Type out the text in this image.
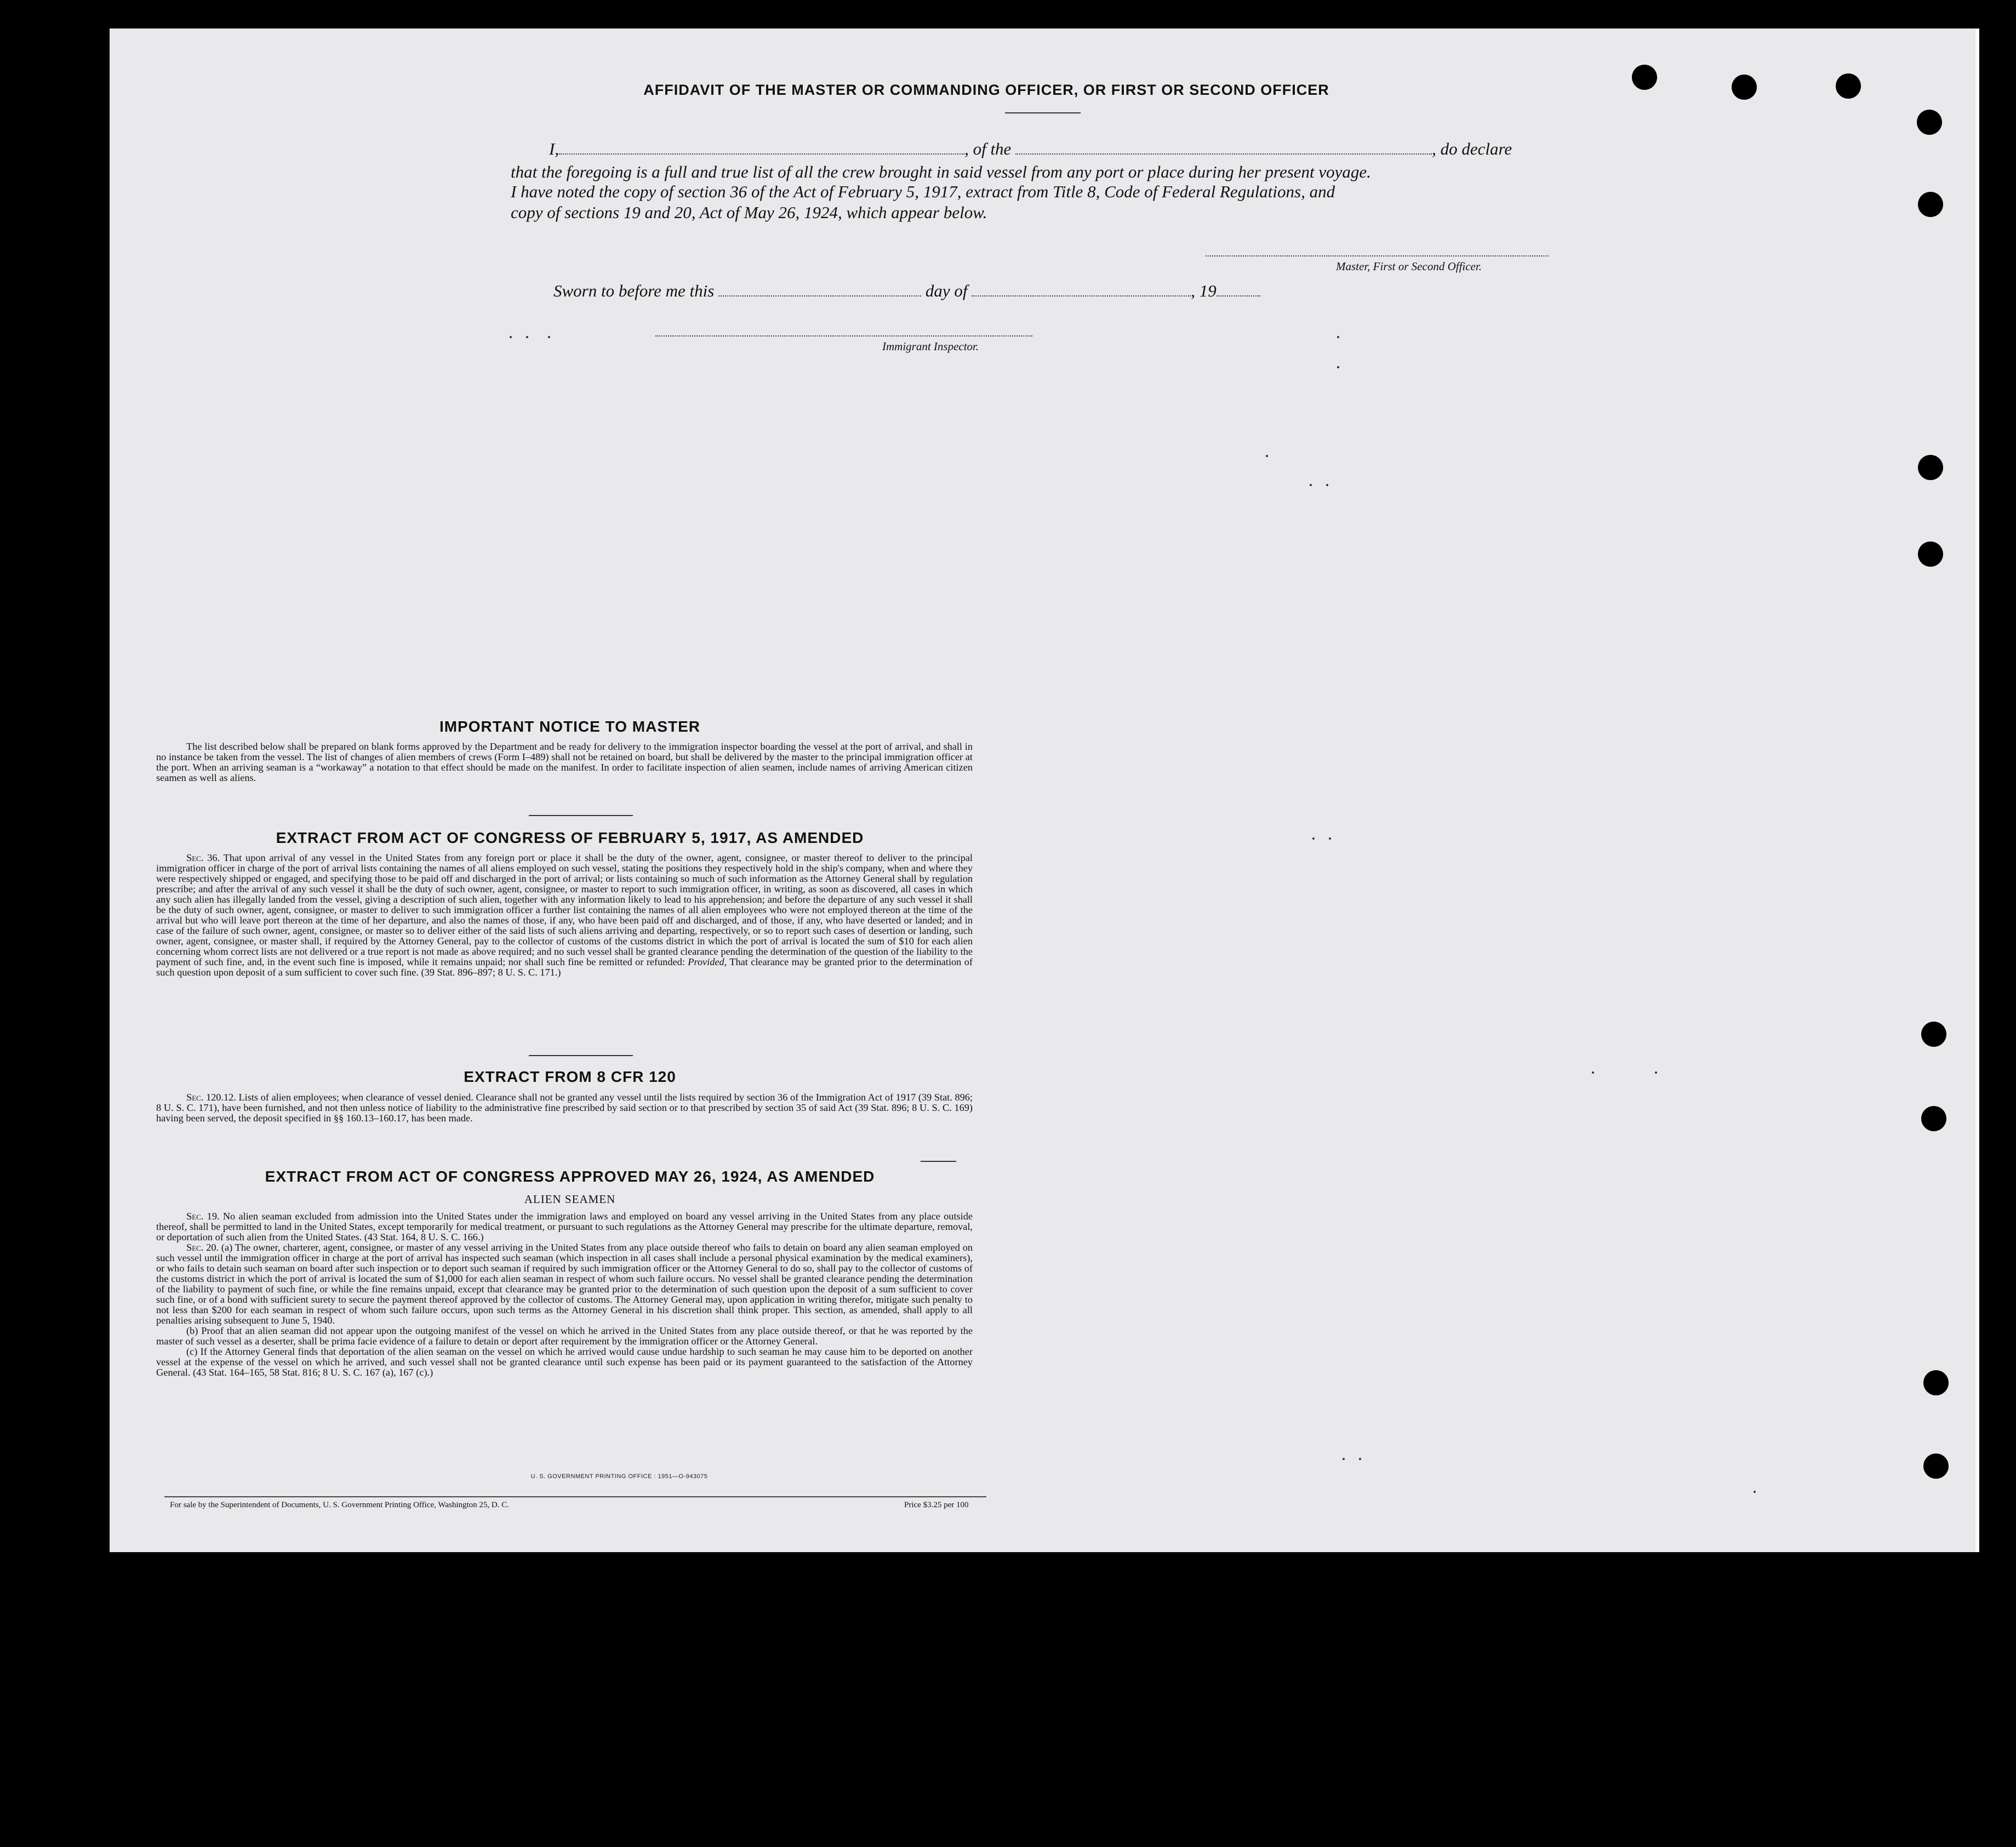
AFFIDAVIT OF THE MASTER OR COMMANDING OFFICER, OR FIRST OR SECOND OFFICER
I,	, of the	, do declare
that the foregoing is a full and true list of all the crew brought in said vessel from any port or place during her present voyage.
I have noted the copy of section 36 of the Act of February 5, 1917, extract from Title 8, Code of Federal Regulations, and
copy of sections 19 and 20, Act of May 26, 1924, which appear below.
Master, First or Second Officer.
Sworn to before me this	day of	, 19
Immigrant Inspector.
IMPORTANT NOTICE TO MASTER

The list described below shall be prepared on blank forms approved by the Department and be ready for delivery to the immigration inspector boarding the vessel at the port of arrival, and shall in no instance be taken from the vessel. The list of changes of alien members of crews (Form I–489) shall not be retained on board, but shall be delivered by the master to the principal immigration officer at the port. When an arriving seaman is a “workaway” a notation to that effect should be made on the manifest. In order to facilitate inspection of alien seamen, include names of arriving American citizen seamen as well as aliens.

EXTRACT FROM ACT OF CONGRESS OF FEBRUARY 5, 1917, AS AMENDED

Sec. 36. That upon arrival of any vessel in the United States from any foreign port or place it shall be the duty of the owner, agent, consignee, or master thereof to deliver to the principal immigration officer in charge of the port of arrival lists containing the names of all aliens employed on such vessel, stating the positions they respectively hold in the ship's company, when and where they were respectively shipped or engaged, and specifying those to be paid off and discharged in the port of arrival; or lists containing so much of such information as the Attorney General shall by regulation prescribe; and after the arrival of any such vessel it shall be the duty of such owner, agent, consignee, or master to report to such immigration officer, in writing, as soon as discovered, all cases in which any such alien has illegally landed from the vessel, giving a description of such alien, together with any information likely to lead to his apprehension; and before the departure of any such vessel it shall be the duty of such owner, agent, consignee, or master to deliver to such immigration officer a further list containing the names of all alien employees who were not employed thereon at the time of the arrival but who will leave port thereon at the time of her departure, and also the names of those, if any, who have been paid off and discharged, and of those, if any, who have deserted or landed; and in case of the failure of such owner, agent, consignee, or master so to deliver either of the said lists of such aliens arriving and departing, respectively, or so to report such cases of desertion or landing, such owner, agent, consignee, or master shall, if required by the Attorney General, pay to the collector of customs of the customs district in which the port of arrival is located the sum of $10 for each alien concerning whom correct lists are not delivered or a true report is not made as above required; and no such vessel shall be granted clearance pending the determination of the question of the liability to the payment of such fine, and, in the event such fine is imposed, while it remains unpaid; nor shall such fine be remitted or refunded: Provided, That clearance may be granted prior to the determination of such question upon deposit of a sum sufficient to cover such fine. (39 Stat. 896–897; 8 U. S. C. 171.)

EXTRACT FROM 8 CFR 120

Sec. 120.12. Lists of alien employees; when clearance of vessel denied. Clearance shall not be granted any vessel until the lists required by section 36 of the Immigration Act of 1917 (39 Stat. 896; 8 U. S. C. 171), have been furnished, and not then unless notice of liability to the administrative fine prescribed by said section or to that prescribed by section 35 of said Act (39 Stat. 896; 8 U. S. C. 169) having been served, the deposit specified in §§ 160.13–160.17, has been made.

EXTRACT FROM ACT OF CONGRESS APPROVED MAY 26, 1924, AS AMENDED
ALIEN SEAMEN

Sec. 19. No alien seaman excluded from admission into the United States under the immigration laws and employed on board any vessel arriving in the United States from any place outside thereof, shall be permitted to land in the United States, except temporarily for medical treatment, or pursuant to such regulations as the Attorney General may prescribe for the ultimate departure, removal, or deportation of such alien from the United States. (43 Stat. 164, 8 U. S. C. 166.)

Sec. 20. (a) The owner, charterer, agent, consignee, or master of any vessel arriving in the United States from any place outside thereof who fails to detain on board any alien seaman employed on such vessel until the immigration officer in charge at the port of arrival has inspected such seaman (which inspection in all cases shall include a personal physical examination by the medical examiners), or who fails to detain such seaman on board after such inspection or to deport such seaman if required by such immigration officer or the Attorney General to do so, shall pay to the collector of customs of the customs district in which the port of arrival is located the sum of $1,000 for each alien seaman in respect of whom such failure occurs. No vessel shall be granted clearance pending the determination of the liability to payment of such fine, or while the fine remains unpaid, except that clearance may be granted prior to the determination of such question upon the deposit of a sum sufficient to cover such fine, or of a bond with sufficient surety to secure the payment thereof approved by the collector of customs. The Attorney General may, upon application in writing therefor, mitigate such penalty to not less than $200 for each seaman in respect of whom such failure occurs, upon such terms as the Attorney General in his discretion shall think proper. This section, as amended, shall apply to all penalties arising subsequent to June 5, 1940.

(b) Proof that an alien seaman did not appear upon the outgoing manifest of the vessel on which he arrived in the United States from any place outside thereof, or that he was reported by the master of such vessel as a deserter, shall be prima facie evidence of a failure to detain or deport after requirement by the immigration officer or the Attorney General.

(c) If the Attorney General finds that deportation of the alien seaman on the vessel on which he arrived would cause undue hardship to such seaman he may cause him to be deported on another vessel at the expense of the vessel on which he arrived, and such vessel shall not be granted clearance until such expense has been paid or its payment guaranteed to the satisfaction of the Attorney General. (43 Stat. 164–165, 58 Stat. 816; 8 U. S. C. 167 (a), 167 (c).)

U. S. GOVERNMENT PRINTING OFFICE : 1951—O-943075
For sale by the Superintendent of Documents, U. S. Government Printing Office, Washington 25, D. C.	Price $3.25 per 100
